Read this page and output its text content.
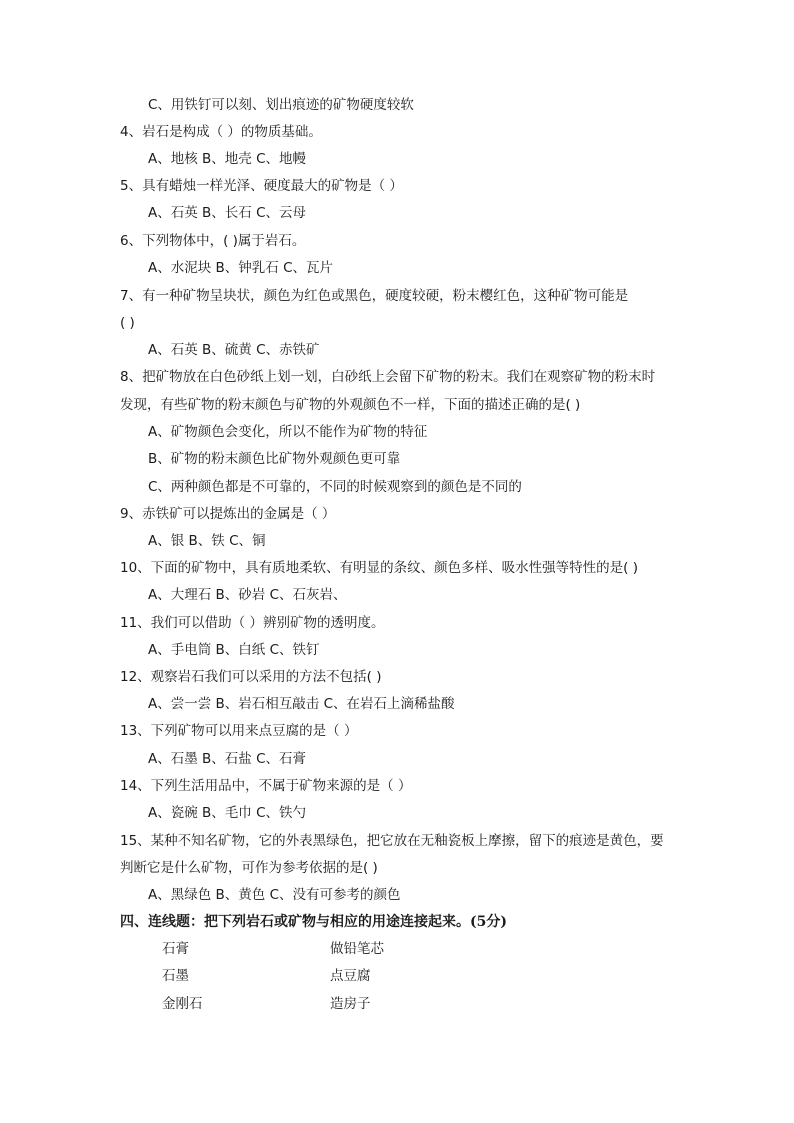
C、用铁钉可以刻、划出痕迹的矿物硬度较软
4、岩石是构成（ ）的物质基础。
A、地核 B、地壳 C、地幔
5、具有蜡烛一样光泽、硬度最大的矿物是（ ）
A、石英 B、长石 C、云母
6、下列物体中，( )属于岩石。
A、水泥块 B、钟乳石 C、瓦片
7、有一种矿物呈块状，颜色为红色或黑色，硬度较硬，粉末樱红色，这种矿物可能是
( )
A、石英 B、硫黄 C、赤铁矿
8、把矿物放在白色砂纸上划一划，白砂纸上会留下矿物的粉末。我们在观察矿物的粉末时
发现，有些矿物的粉末颜色与矿物的外观颜色不一样，下面的描述正确的是( )
A、矿物颜色会变化，所以不能作为矿物的特征
B、矿物的粉末颜色比矿物外观颜色更可靠
C、两种颜色都是不可靠的，不同的时候观察到的颜色是不同的
9、赤铁矿可以提炼出的金属是（ ）
A、银 B、铁 C、铜
10、下面的矿物中，具有质地柔软、有明显的条纹、颜色多样、吸水性强等特性的是( )
A、大理石 B、砂岩 C、石灰岩、
11、我们可以借助（ ）辨别矿物的透明度。
A、手电筒 B、白纸 C、铁钉
12、观察岩石我们可以采用的方法不包括( )
A、尝一尝 B、岩石相互敲击 C、在岩石上滴稀盐酸
13、下列矿物可以用来点豆腐的是（ ）
A、石墨 B、石盐 C、石膏
14、下列生活用品中，不属于矿物来源的是（ ）
A、瓷碗 B、毛巾 C、铁勺
15、某种不知名矿物，它的外表黑绿色，把它放在无釉瓷板上摩擦，留下的痕迹是黄色，要
判断它是什么矿物，可作为参考依据的是( )
A、黑绿色 B、黄色 C、没有可参考的颜色
四、连线题：把下列岩石或矿物与相应的用途连接起来。(5分)
石膏	做铅笔芯
石墨	点豆腐
金刚石	造房子
